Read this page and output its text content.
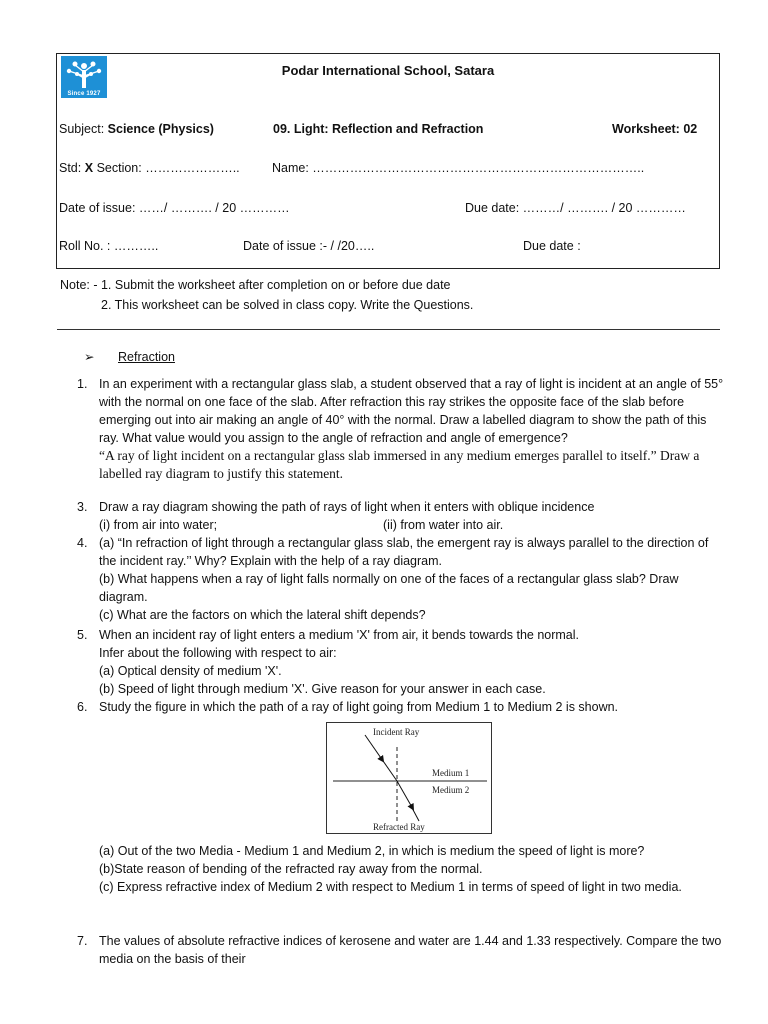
Since 1927
Podar International School, Satara
Subject: Science (Physics)	09. Light: Reflection and Refraction	Worksheet: 02
Std: X Section: …………………..	Name: ……………………………………………………………………..
Date of issue: ……/ ………. / 20 …………	Due date: ………/ ………. / 20 …………
Roll No. : ………..	Date of issue :- / /20…..	Due date :
Note: - 1. Submit the worksheet after completion on or before due date
2. This worksheet can be solved in class copy. Write the Questions.
➢ Refraction
1. In an experiment with a rectangular glass slab, a student observed that a ray of light is incident at an angle of 55° with the normal on one face of the slab. After refraction this ray strikes the opposite face of the slab before emerging out into air making an angle of 40° with the normal. Draw a labelled diagram to show the path of this ray. What value would you assign to the angle of refraction and angle of emergence?

“A ray of light incident on a rectangular glass slab immersed in any medium emerges parallel to itself.” Draw a labelled ray diagram to justify this statement.

3. Draw a ray diagram showing the path of rays of light when it enters with oblique incidence

(i) from air into water;	(ii) from water into air.
4. (a) “In refraction of light through a rectangular glass slab, the emergent ray is always parallel to the direction of the incident ray.’’ Why? Explain with the help of a ray diagram.

(b) What happens when a ray of light falls normally on one of the faces of a rectangular glass slab? Draw diagram.

(c) What are the factors on which the lateral shift depends?

5. When an incident ray of light enters a medium 'X' from air, it bends towards the normal.

Infer about the following with respect to air:

(a) Optical density of medium 'X'.

(b) Speed of light through medium 'X'. Give reason for your answer in each case.

6. Study the figure in which the path of a ray of light going from Medium 1 to Medium 2 is shown.

Incident Ray
Medium 1
Medium 2
Refracted Ray

(a) Out of the two Media - Medium 1 and Medium 2, in which is medium the speed of light is more?

(b)State reason of bending of the refracted ray away from the normal.

(c) Express refractive index of Medium 2 with respect to Medium 1 in terms of speed of light in two media.

7. The values of absolute refractive indices of kerosene and water are 1.44 and 1.33 respectively. Compare the two media on the basis of their
